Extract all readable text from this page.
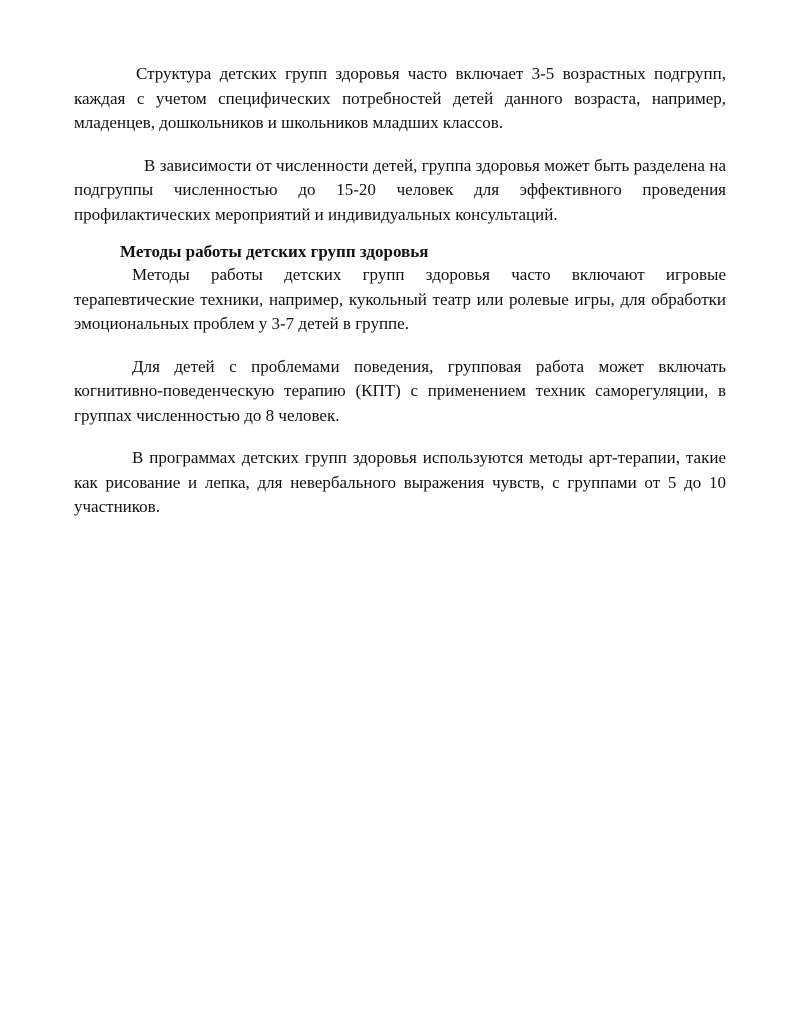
Структура детских групп здоровья часто включает 3-5 возрастных подгрупп, каждая с учетом специфических потребностей детей данного возраста, например, младенцев, дошкольников и школьников младших классов.

В зависимости от численности детей, группа здоровья может быть разделена на подгруппы численностью до 15-20 человек для эффективного проведения профилактических мероприятий и индивидуальных консультаций.

Методы работы детских групп здоровья

Методы работы детских групп здоровья часто включают игровые терапевтические техники, например, кукольный театр или ролевые игры, для обработки эмоциональных проблем у 3-7 детей в группе.

Для детей с проблемами поведения, групповая работа может включать когнитивно-поведенческую терапию (КПТ) с применением техник саморегуляции, в группах численностью до 8 человек.

В программах детских групп здоровья используются методы арт-терапии, такие как рисование и лепка, для невербального выражения чувств, с группами от 5 до 10 участников.
